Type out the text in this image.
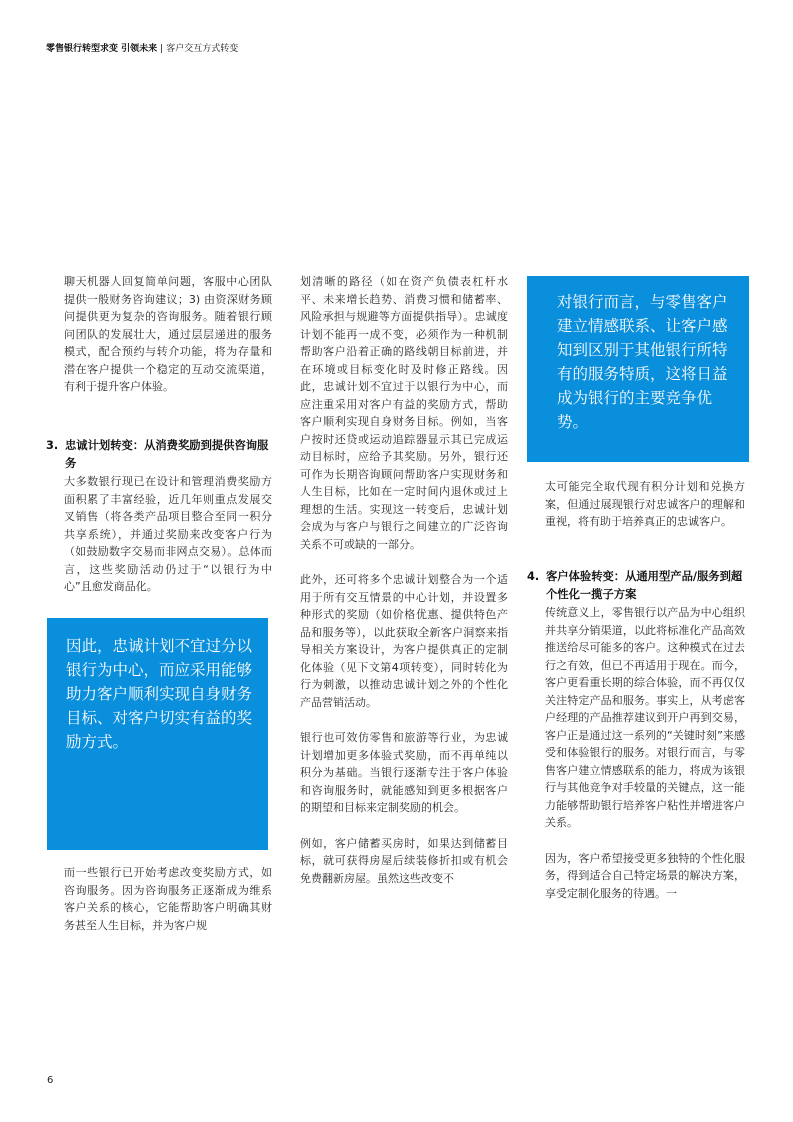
零售银行转型求变 引领未来 | 客户交互方式转变

聊天机器人回复简单问题，客服中心团队提供一般财务咨询建议；3) 由资深财务顾问提供更为复杂的咨询服务。随着银行顾问团队的发展壮大，通过层层递进的服务模式，配合预约与转介功能，将为存量和潜在客户提供一个稳定的互动交流渠道，有利于提升客户体验。

3. 忠诚计划转变：从消费奖励到提供咨询服务

大多数银行现已在设计和管理消费奖励方面积累了丰富经验，近几年则重点发展交叉销售（将各类产品项目整合至同一积分共享系统），并通过奖励来改变客户行为（如鼓励数字交易而非网点交易）。总体而言，这些奖励活动仍过于“以银行为中心”且愈发商品化。

因此，忠诚计划不宜过分以银行为中心，而应采用能够助力客户顺利实现自身财务目标、对客户切实有益的奖励方式。

而一些银行已开始考虑改变奖励方式，如咨询服务。因为咨询服务正逐渐成为维系客户关系的核心，它能帮助客户明确其财务甚至人生目标，并为客户规

划清晰的路径（如在资产负债表杠杆水平、未来增长趋势、消费习惯和储蓄率、风险承担与规避等方面提供指导）。忠诚度计划不能再一成不变，必须作为一种机制帮助客户沿着正确的路线朝目标前进，并在环境或目标变化时及时修正路线。因此，忠诚计划不宜过于以银行为中心，而应注重采用对客户有益的奖励方式，帮助客户顺利实现自身财务目标。例如，当客户按时还贷或运动追踪器显示其已完成运动目标时，应给予其奖励。另外，银行还可作为长期咨询顾问帮助客户实现财务和人生目标，比如在一定时间内退休或过上理想的生活。实现这一转变后，忠诚计划会成为与客户与银行之间建立的广泛咨询关系不可或缺的一部分。

此外，还可将多个忠诚计划整合为一个适用于所有交互情景的中心计划，并设置多种形式的奖励（如价格优惠、提供特色产品和服务等），以此获取全新客户洞察来指导相关方案设计，为客户提供真正的定制化体验（见下文第4项转变），同时转化为行为刺激，以推动忠诚计划之外的个性化产品营销活动。

银行也可效仿零售和旅游等行业，为忠诚计划增加更多体验式奖励，而不再单纯以积分为基础。当银行逐渐专注于客户体验和咨询服务时，就能感知到更多根据客户的期望和目标来定制奖励的机会。

例如，客户储蓄买房时，如果达到储蓄目标，就可获得房屋后续装修折扣或有机会免费翻新房屋。虽然这些改变不

对银行而言，与零售客户建立情感联系、让客户感知到区别于其他银行所特有的服务特质，这将日益成为银行的主要竞争优势。

太可能完全取代现有积分计划和兑换方案，但通过展现银行对忠诚客户的理解和重视，将有助于培养真正的忠诚客户。

4. 客户体验转变：从通用型产品/服务到超个性化一揽子方案

传统意义上，零售银行以产品为中心组织并共享分销渠道，以此将标准化产品高效推送给尽可能多的客户。这种模式在过去行之有效，但已不再适用于现在。而今，客户更看重长期的综合体验，而不再仅仅关注特定产品和服务。事实上，从考虑客户经理的产品推荐建议到开户再到交易，客户正是通过这一系列的“关键时刻”来感受和体验银行的服务。对银行而言，与零售客户建立情感联系的能力，将成为该银行与其他竞争对手较量的关键点，这一能力能够帮助银行培养客户粘性并增进客户关系。

因为，客户希望接受更多独特的个性化服务，得到适合自己特定场景的解决方案，享受定制化服务的待遇。一

6
